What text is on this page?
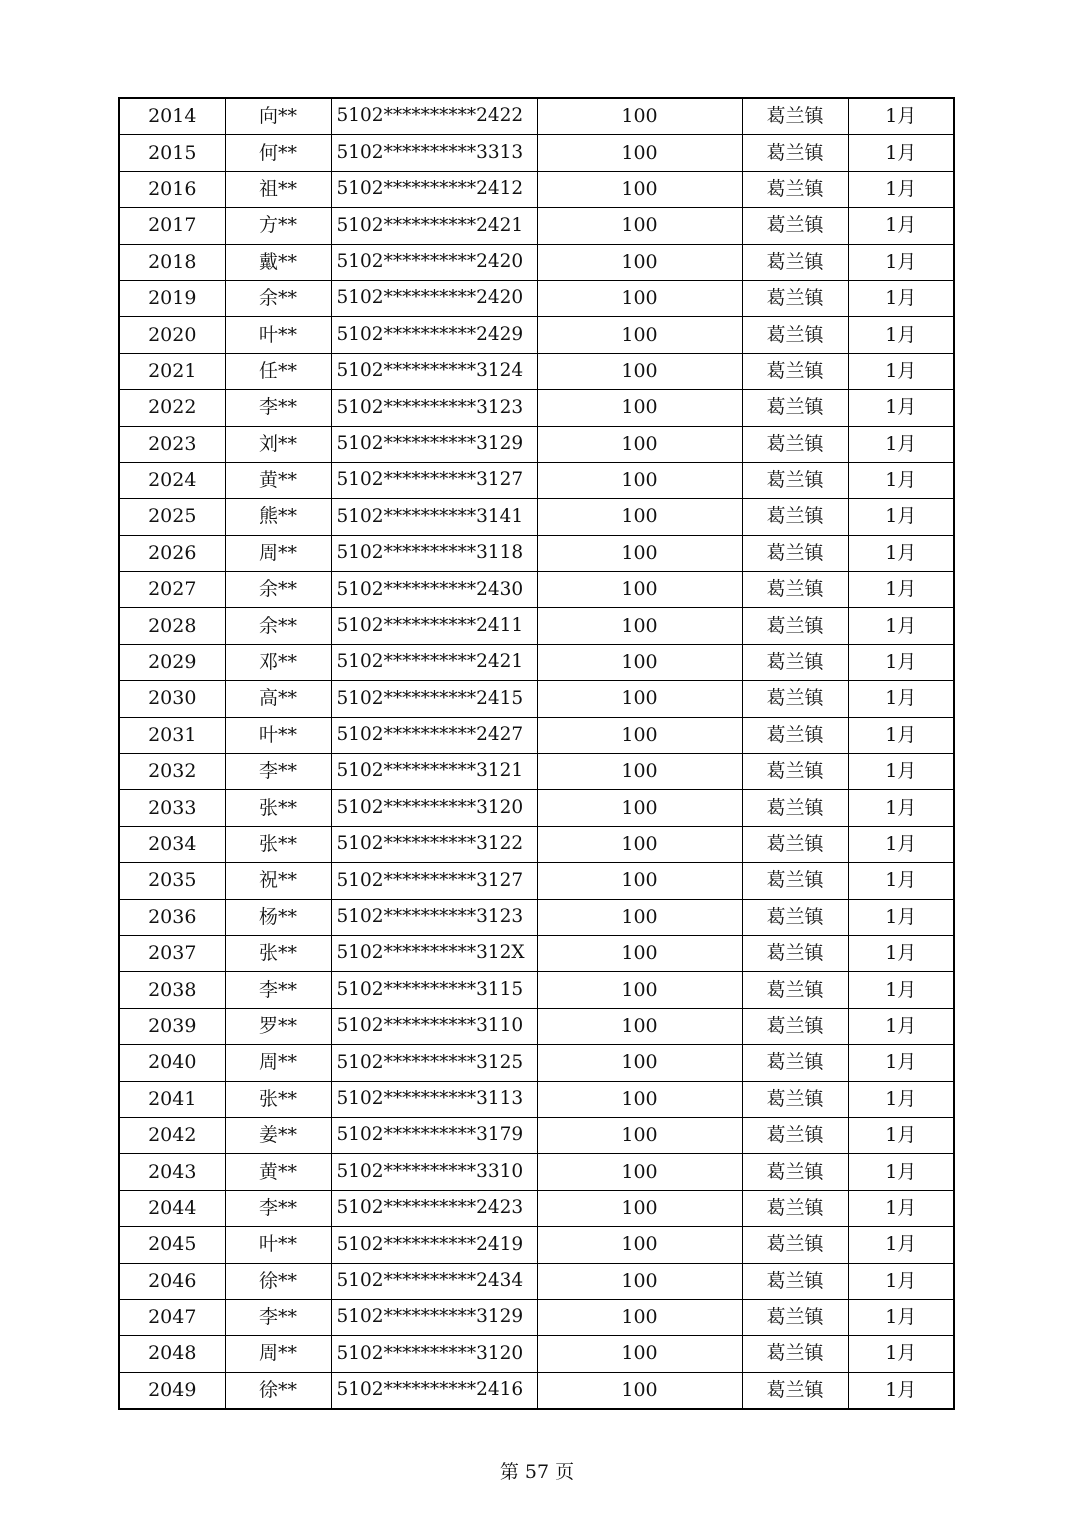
2014	向**	5102**********2422	100	葛兰镇	1月
2015	何**	5102**********3313	100	葛兰镇	1月
2016	祖**	5102**********2412	100	葛兰镇	1月
2017	方**	5102**********2421	100	葛兰镇	1月
2018	戴**	5102**********2420	100	葛兰镇	1月
2019	余**	5102**********2420	100	葛兰镇	1月
2020	叶**	5102**********2429	100	葛兰镇	1月
2021	任**	5102**********3124	100	葛兰镇	1月
2022	李**	5102**********3123	100	葛兰镇	1月
2023	刘**	5102**********3129	100	葛兰镇	1月
2024	黄**	5102**********3127	100	葛兰镇	1月
2025	熊**	5102**********3141	100	葛兰镇	1月
2026	周**	5102**********3118	100	葛兰镇	1月
2027	余**	5102**********2430	100	葛兰镇	1月
2028	余**	5102**********2411	100	葛兰镇	1月
2029	邓**	5102**********2421	100	葛兰镇	1月
2030	高**	5102**********2415	100	葛兰镇	1月
2031	叶**	5102**********2427	100	葛兰镇	1月
2032	李**	5102**********3121	100	葛兰镇	1月
2033	张**	5102**********3120	100	葛兰镇	1月
2034	张**	5102**********3122	100	葛兰镇	1月
2035	祝**	5102**********3127	100	葛兰镇	1月
2036	杨**	5102**********3123	100	葛兰镇	1月
2037	张**	5102**********312X	100	葛兰镇	1月
2038	李**	5102**********3115	100	葛兰镇	1月
2039	罗**	5102**********3110	100	葛兰镇	1月
2040	周**	5102**********3125	100	葛兰镇	1月
2041	张**	5102**********3113	100	葛兰镇	1月
2042	姜**	5102**********3179	100	葛兰镇	1月
2043	黄**	5102**********3310	100	葛兰镇	1月
2044	李**	5102**********2423	100	葛兰镇	1月
2045	叶**	5102**********2419	100	葛兰镇	1月
2046	徐**	5102**********2434	100	葛兰镇	1月
2047	李**	5102**********3129	100	葛兰镇	1月
2048	周**	5102**********3120	100	葛兰镇	1月
2049	徐**	5102**********2416	100	葛兰镇	1月
第 57 页
